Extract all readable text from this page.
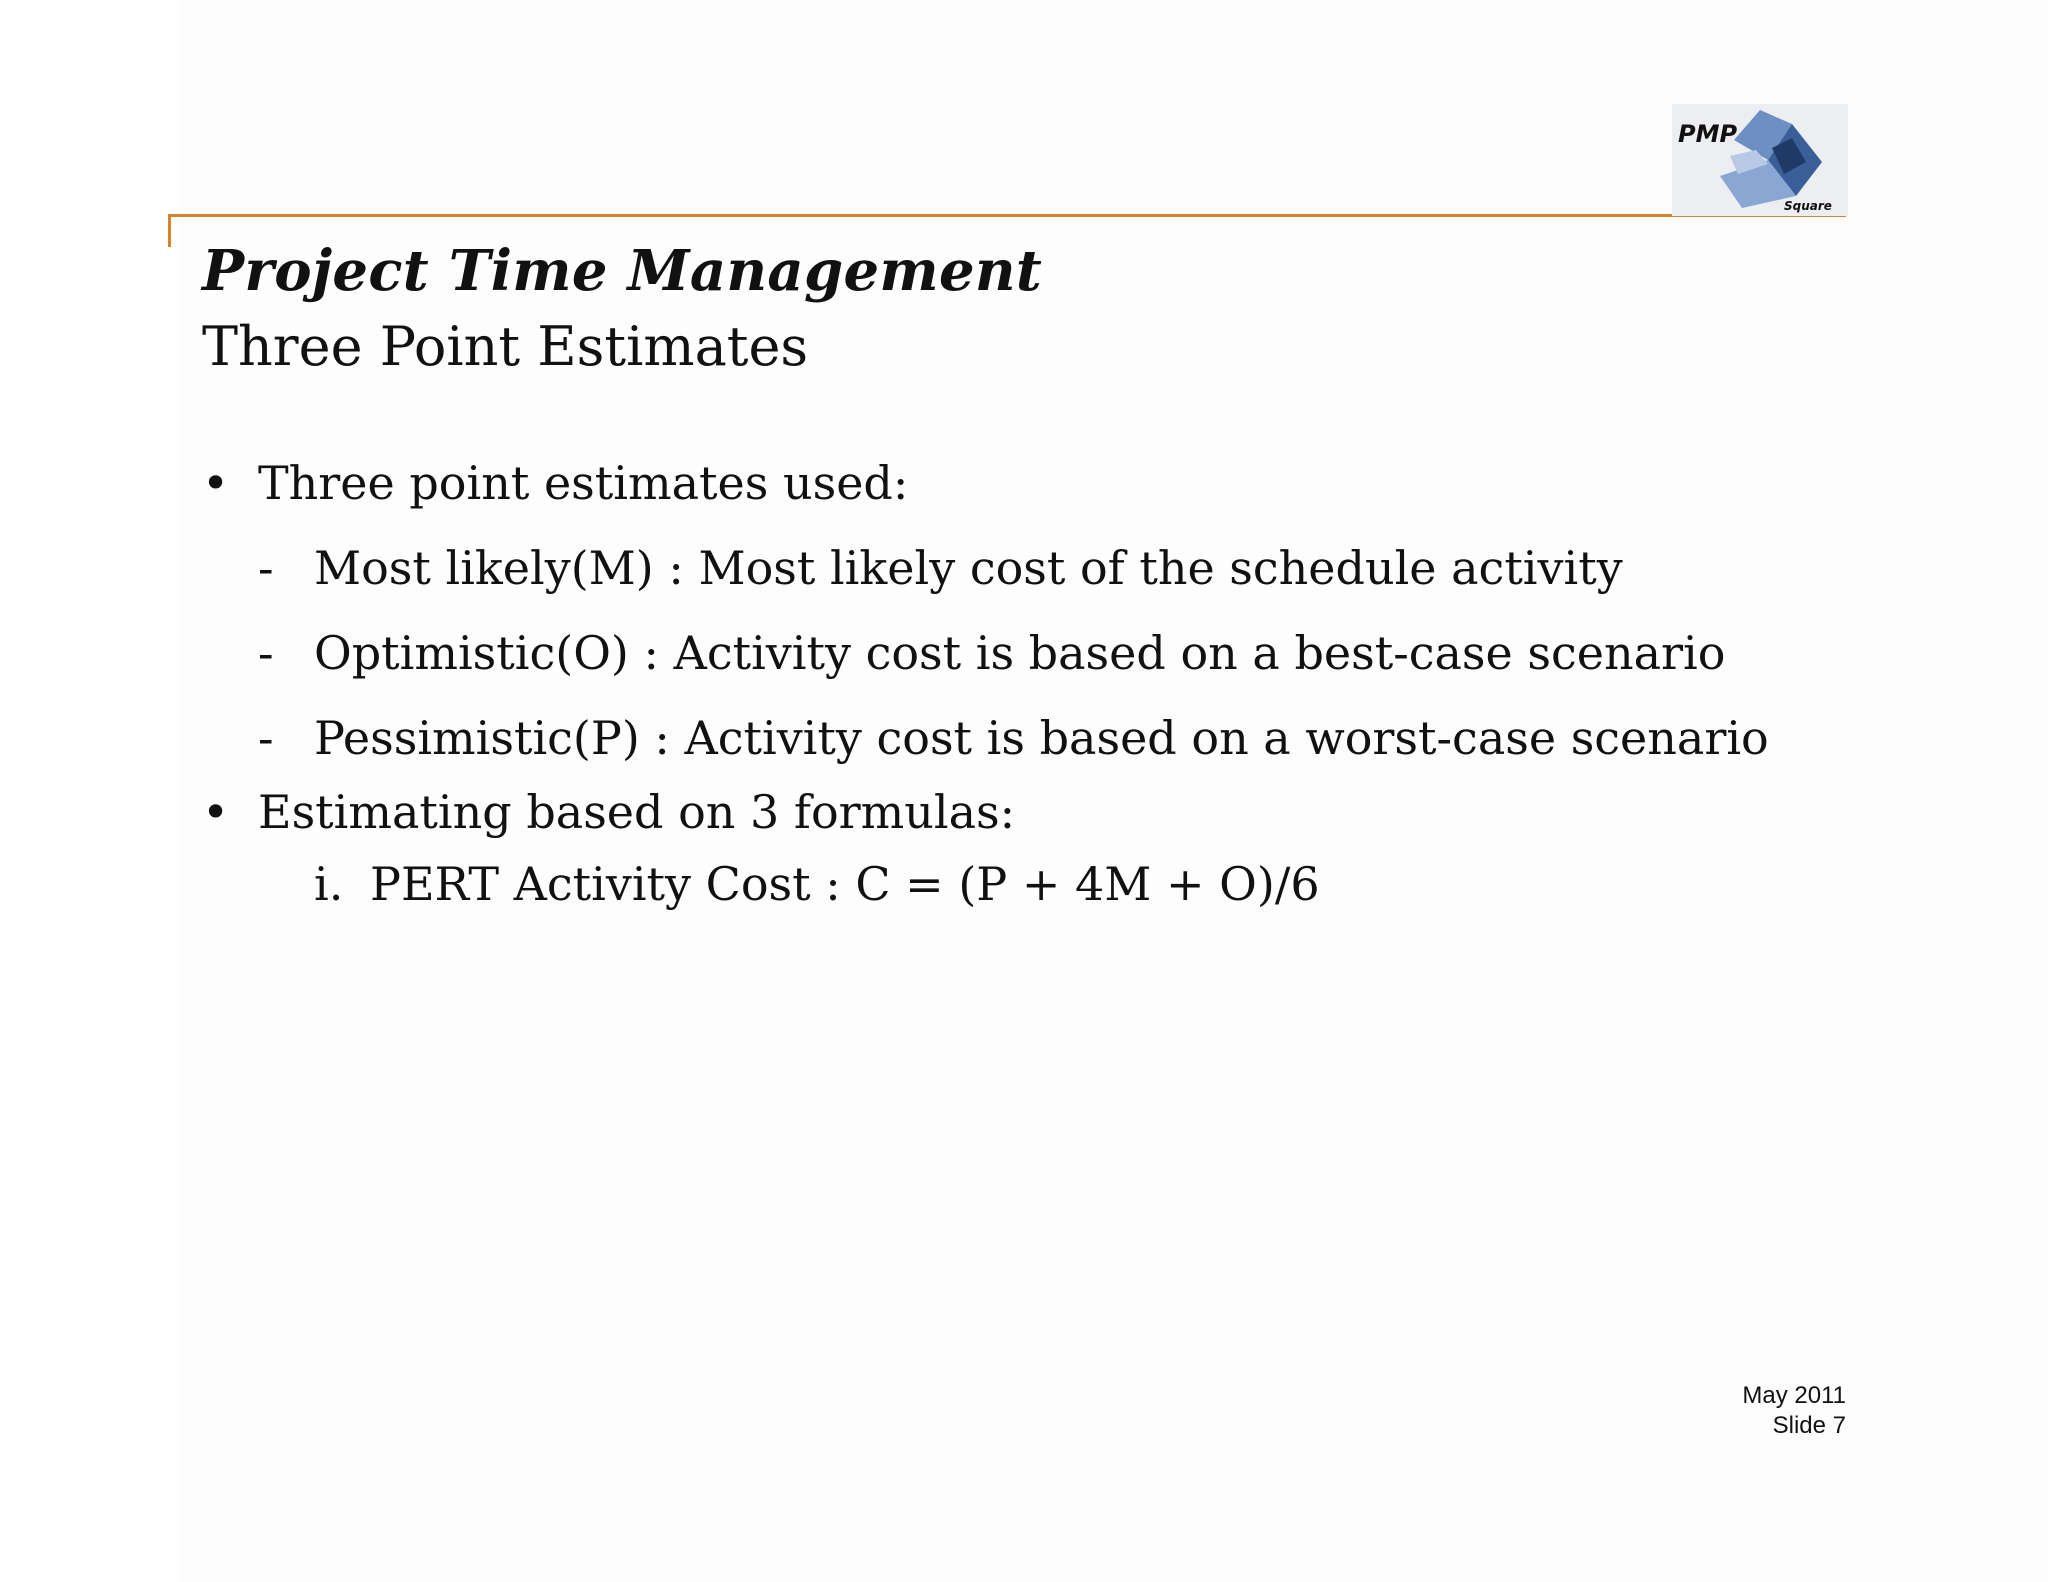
PMP
Square
Project Time Management
Three Point Estimates
• Three point estimates used:
- Most likely(M) : Most likely cost of the schedule activity
- Optimistic(O) : Activity cost is based on a best-case scenario
- Pessimistic(P) : Activity cost is based on a worst-case scenario
• Estimating based on 3 formulas:
i. PERT Activity Cost : C = (P + 4M + O)/6
May 2011
Slide 7
